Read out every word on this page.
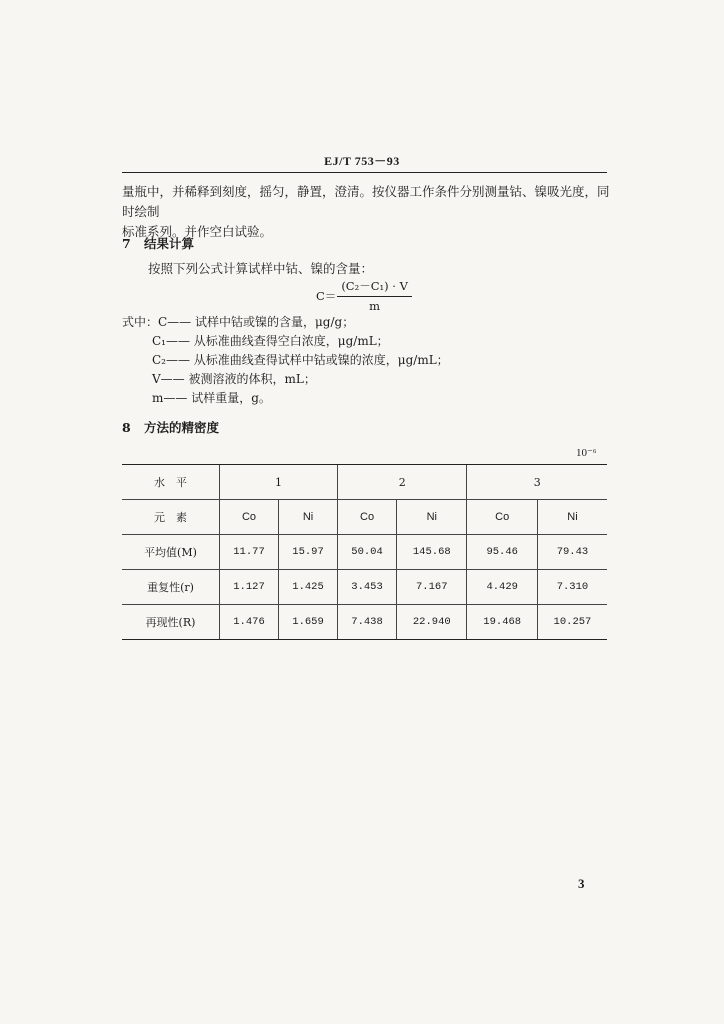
EJ/T 753－93
量瓶中，并稀释到刻度，摇匀，静置，澄清。按仪器工作条件分别测量钴、镍吸光度，同时绘制
标准系列。并作空白试验。
7 结果计算
按照下列公式计算试样中钴、镍的含量：
$C= \frac{\text{(C₂－C₁) · V}}{m}$
式中：C—— 试样中钴或镍的含量，μg/g；
C₁—— 从标准曲线查得空白浓度，μg/mL；
C₂—— 从标准曲线查得试样中钴或镍的浓度，μg/mL；
V—— 被测溶液的体积，mL；
m—— 试样重量，g。
8 方法的精密度
10⁻⁶
水　平	1		2		3	
元　素	Co	Ni	Co	Ni	Co	Ni
平均值(M)	11.77	15.97	50.04	145.68	95.46	79.43
重复性(r)	1.127	1.425	3.453	7.167	4.429	7.310
再现性(R)	1.476	1.659	7.438	22.940	19.468	10.257
3
